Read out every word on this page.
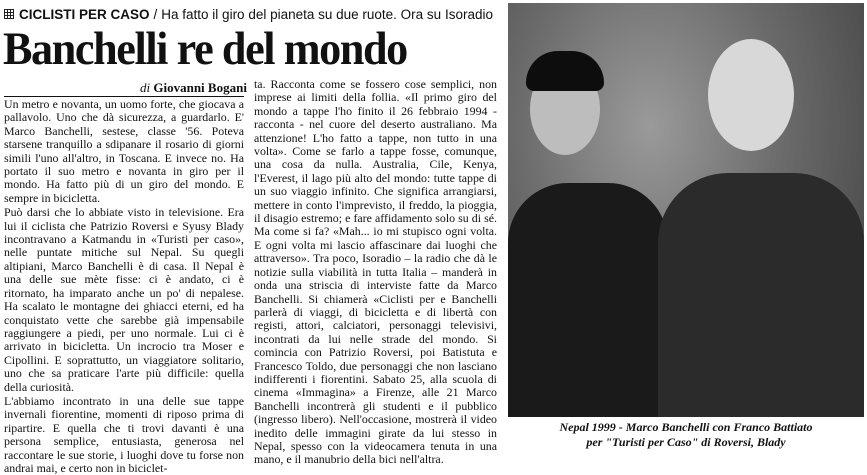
CICLISTI PER CASO / Ha fatto il giro del pianeta su due ruote. Ora su Isoradio
Banchelli re del mondo
di Giovanni Bogani

Un metro e novanta, un uomo forte, che giocava a pallavolo. Uno che dà sicurezza, a guardarlo. E' Marco Banchelli, sestese, classe '56. Poteva starsene tranquillo a sdipanare il rosario di giorni simili l'uno all'altro, in Toscana. E invece no. Ha portato il suo metro e novanta in giro per il mondo. Ha fatto più di un giro del mondo. E sempre in bicicletta.

Può darsi che lo abbiate visto in televisione. Era lui il ciclista che Patrizio Roversi e Syusy Blady incontravano a Katmandu in «Turisti per caso», nelle puntate mitiche sul Nepal. Su quegli altipiani, Marco Banchelli è di casa. Il Nepal è una delle sue mète fisse: ci è andato, ci è ritornato, ha imparato anche un po' di nepalese. Ha scalato le montagne dei ghiacci eterni, ed ha conquistato vette che sarebbe già impensabile raggiungere a piedi, per uno normale. Lui ci è arrivato in bicicletta. Un incrocio tra Moser e Cipollini. E soprattutto, un viaggiatore solitario, uno che sa praticare l'arte più difficile: quella della curiosità.

L'abbiamo incontrato in una delle sue tappe invernali fiorentine, momenti di riposo prima di ripartire. E quella che ti trovi davanti è una persona semplice, entusiasta, generosa nel raccontare le sue storie, i luoghi dove tu forse non andrai mai, e certo non in biciclet-

ta. Racconta come se fossero cose semplici, non imprese ai limiti della follia. «Il primo giro del mondo a tappe l'ho finito il 26 febbraio 1994 - racconta - nel cuore del deserto australiano. Ma attenzione! L'ho fatto a tappe, non tutto in una volta». Come se farlo a tappe fosse, comunque, una cosa da nulla. Australia, Cile, Kenya, l'Everest, il lago più alto del mondo: tutte tappe di un suo viaggio infinito. Che significa arrangiarsi, mettere in conto l'imprevisto, il freddo, la pioggia, il disagio estremo; e fare affidamento solo su di sé. Ma come si fa? «Mah... io mi stupisco ogni volta. E ogni volta mi lascio affascinare dai luoghi che attraverso». Tra poco, Isoradio – la radio che dà le notizie sulla viabilità in tutta Italia – manderà in onda una striscia di interviste fatte da Marco Banchelli. Si chiamerà «Ciclisti per e Banchelli parlerà di viaggi, di bicicletta e di libertà con registi, attori, calciatori, personaggi televisivi, incontrati da lui nelle strade del mondo. Si comincia con Patrizio Roversi, poi Batistuta e Francesco Toldo, due personaggi che non lasciano indifferenti i fiorentini. Sabato 25, alla scuola di cinema «Immagina» a Firenze, alle 21 Marco Banchelli incontrerà gli studenti e il pubblico (ingresso libero). Nell'occasione, mostrerà il video inedito delle immagini girate da lui stesso in Nepal, spesso con la videocamera tenuta in una mano, e il manubrio della bici nell'altra.

Nepal 1999 - Marco Banchelli con Franco Battiato
per "Turisti per Caso" di Roversi, Blady
